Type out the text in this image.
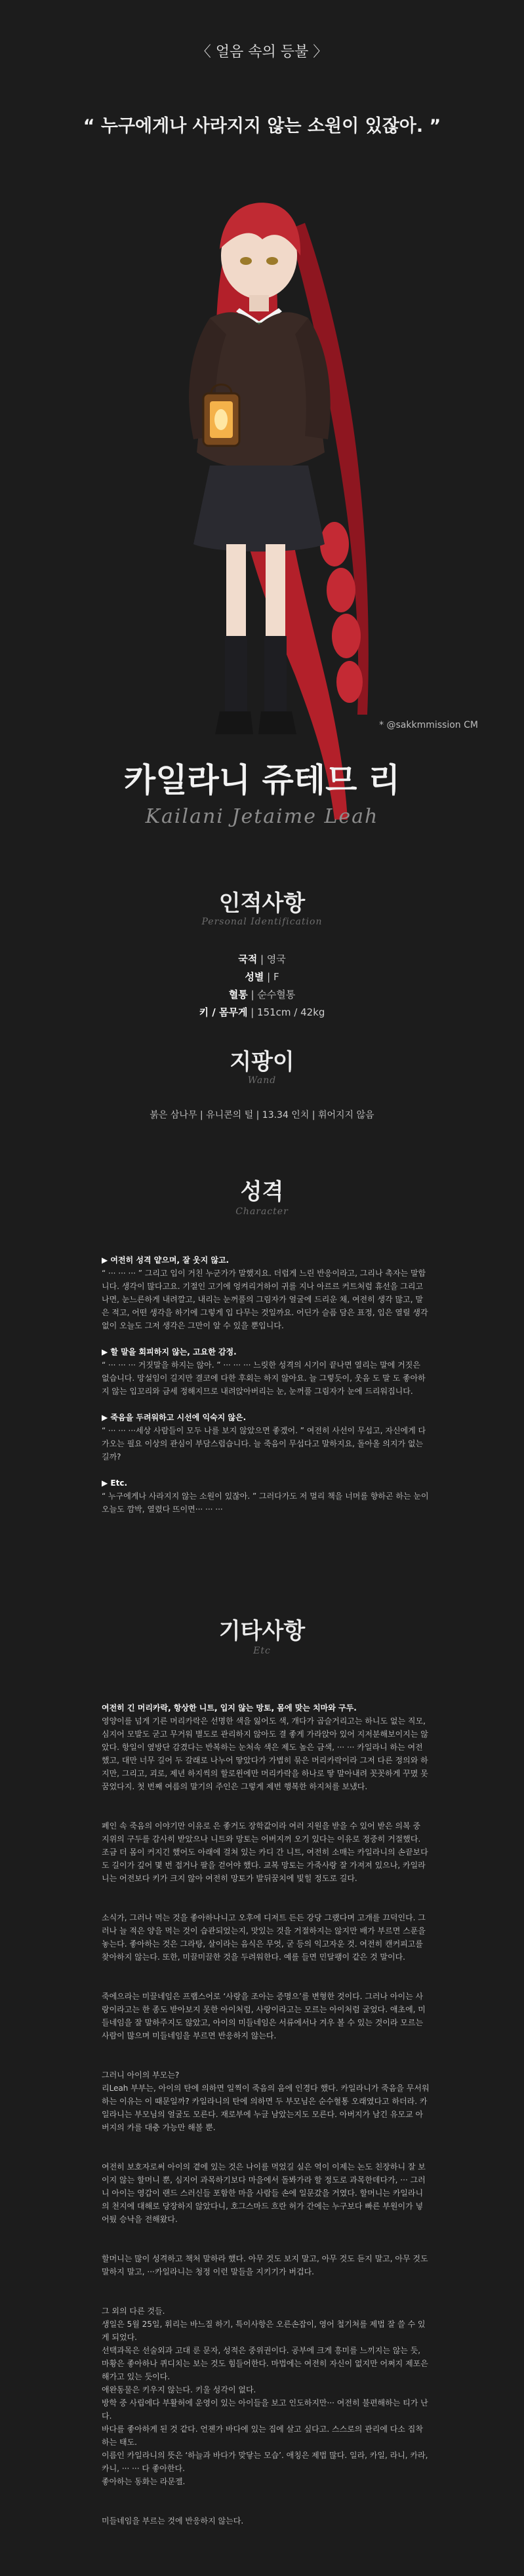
〈 얼음 속의 등불 〉
“ 누구에게나 사라지지 않는 소원이 있잖아. ”
* @sakkmmission CM
카일라니 쥬테므 리
Kailani Jetaime Leah
인적사항
Personal Identification
국적 | 영국
성별 | F
혈통 | 순수혈통
키 / 몸무게 | 151cm / 42kg
지팡이
Wand
붉은 삼나무 | 유니콘의 털 | 13.34 인치 | 휘어지지 않음
성격
Character

▶ 여전히 성격 얕으며, 잘 웃지 않고.
“ ··· ··· ··· ” 그리고 입이 거친 누군가가 말했지요. 더럽게 느린 반응이라고, 그리나 촉자는 말합니다. 생각이 많다고요. 기절인 고기에 엉켜리거하이 귀를 지나 아르르 커트처럼 휴선을 그리고 나면, 눈느른하게 내려깔고, 내리는 눈꺼풀의 그림자가 얼굴에 드리운 채, 여전히 생각 많고, 말은 적고, 어떤 생각을 하기에 그렇게 입 다무는 것일까요. 어딘가 슬픔 담은 표정, 입은 열릴 생각 없이 오늘도 그저 생각은 그만이 알 수 있을 뿐입니다.

▶ 할 말을 회피하지 않는, 고요한 감정.
“ ··· ··· ··· 거짓말을 하지는 않아. ” ··· ··· ··· 느릿한 성격의 시기이 끝나면 열리는 말에 거짓은 없습니다. 망설임이 길지만 결코에 다한 후회는 하지 않아요. 늘 그렇듯이, 웃음 도 말 도 좋아하지 않는 입꼬리와 금세 정해지므로 내려앉아버리는 눈, 눈꺼풀 그림자가 눈에 드리워집니다.

▶ 죽음을 두려워하고 시선에 익숙지 않은.
“ ··· ··· ···세상 사람들이 모두 나를 보지 않았으면 좋겠어. ” 여전히 사선이 무섭고, 자신에게 다가오는 필요 이상의 관심이 부담스럽습니다. 늘 죽음이 무섭다고 말하지요, 돌아올 의지가 없는 길까?

▶ Etc.
“ 누구에게나 사라지지 않는 소원이 있잖아. ” 그러다가도 저 멀리 책을 너머를 향하곤 하는 눈이 오늘도 깜박, 열렸다 뜨이면··· ··· ···

기타사항
Etc

여전히 긴 머리카락, 항상한 니트, 입지 않는 망토, 몸에 맞는 치마와 구두.
영양이를 넘게 기른 머리카락은 선명한 색을 잃어도 색, 개다가 곱슬거리고는 하니도 없는 직모, 심지어 모발도 굳고 무거워 별도로 관리하지 않아도 결 좋게 가라앉아 있어 지저분해보이지는 않았다. 항일이 옆방단 감겼다는 반복하는 눈처속 색은 제도 높은 금색, ··· ··· 카일라니 하는 여전했고, 대만 너무 길어 두 갈래로 나누어 땋았다가 가볍히 묶은 머리카락이라 그저 다른 정의와 하지만, 그리고, 괴로, 제년 하지씩의 할로윈에만 머리카락을 하나로 땋 말아내려 꼿꼿하게 꾸몄 못 꿈었다지. 첫 번째 여름의 말기의 주인은 그렇게 제번 행복한 하지처를 보냈다.

폐인 속 죽음의 이야기만 이유로 은 좋거도 장학값이라 여러 지원을 받을 수 있어 받은 의복 중 지위의 구두를 감사히 받았으나 니트와 망토는 어버지꺼 오기 있다는 이유로 정중히 거절했다. 조금 더 몸이 커지긴 했어도 아래에 걸쳐 있는 카디 간 니트, 여전히 소매는 카일라니의 손끝보다도 길이가 깊어 몇 번 접거나 팔을 걷어야 했다. 교복 망토는 가죽사랑 잘 가져져 있으나, 카일라니는 어전보다 키가 크지 않아 여전히 망토가 발뒤꿈치에 빛힐 정도로 길다.

소식가, 그러나 먹는 것을 좋아하나니고 오후에 디저트 든든 강당 그랬다며 고개를 끄덕인다. 그러나 늘 적은 양을 먹는 것이 습관되었는지, 맛있는 것을 거절하지는 않지만 배가 부르면 스푼을 놓는다. 좋아하는 것은 그라탕, 살이라는 음식은 무엇, 굳 등의 익고자운 것. 여전히 캔커피고를 찾아하지 않는다. 또한, 미끌미끌한 것을 두려워한다. 예를 들면 민달팽이 같은 것 말이다.

죽에으라는 미끌네임은 프랩스어로 ‘사랑을 조아는 증명으’를 변형한 것이다. 그러나 아이는 사랑이라고는 한 종도 받아보지 못한 아이처럼, 사랑이라고는 모르는 아이처럼 굴었다. 애초에, 미들네임을 잘 말하주지도 않았고, 아이의 미들네임은 서류에서나 겨우 볼 수 있는 것이라 모르는 사람이 많으며 미들네임을 부르면 반응하지 않는다.

그러니 아이의 부모는?
리Leah 부부는, 아이의 탄에 의하면 일찍이 죽음의 음에 인경다 했다. 카일라니가 죽음을 무서워하는 이유는 이 때문일까? 카일라니의 탄에 의하면 두 부모님은 순수혈통 오래였다고 하더라. 카일라니는 부모님의 얼굴도 모른다. 재로부에 누글 남았는지도 모른다. 아버지가 남긴 유모교 아버지의 카를 대충 가능만 해볼 뿐.

여전히 보호자로써 아이의 곁에 있는 것은 나이를 먹었길 실은 역이 이제는 논도 친장하니 잘 보이지 않는 할머니 뿐, 심지어 과목하기보다 마을에서 돌봐가라 할 정도로 과목한데다가, ··· 그러니 아이는 영갑이 랜드 스러신들 포함한 마을 사람들 손에 일문갔을 거였다. 할머니는 카일라니의 천지에 대해로 당장하지 않았다니, 호그스마드 흐란 허가 간에는 누구보다 빠른 부원이가 넣어뒀 승낙을 전해왔다.

할머니는 많이 성격하고 책처 말하라 했다. 아무 것도 보지 말고, 아무 것도 듣지 말고, 아무 것도 말하지 말고, ···카일라니는 청정 이런 말들을 지키기가 버겁다.

그 외의 다른 것들.
생일은 5월 25일, 휘리는 바느질 하기, 특이사항은 오른손잡이, 영어 철기쳐를 제법 잘 쓸 수 있게 되었다.
선택과목은 선술외과 고대 룬 문자, 성적은 중위권이다. 공부에 크게 흥미를 느끼지는 않는 듯, 마황은 좋아하나 퀴디치는 보는 것도 힘들어한다. 마법에는 여전히 자신이 없지만 어쩌지 제포은 해가고 있는 듯이다.
애완동물은 키우지 않는다. 키울 성각이 없다.
방학 중 사립에다 부활허에 운영이 있는 아이들을 보고 인도하지만··· 여전히 불편해하는 티가 난다.
바다를 좋아하게 된 것 같다. 언젠가 바다에 있는 집에 살고 싶다고. 스스로의 관리에 다소 집착하는 태도.
이름인 카일라니의 뜻은 ‘하늘과 바다가 맞닿는 모습’. 애칭은 제법 많다. 일라, 카일, 라니, 카라, 카니, ··· ··· 다 좋아한다.
좋아하는 동화는 라문젤.

미들네임을 부르는 것에 반응하지 않는다.
